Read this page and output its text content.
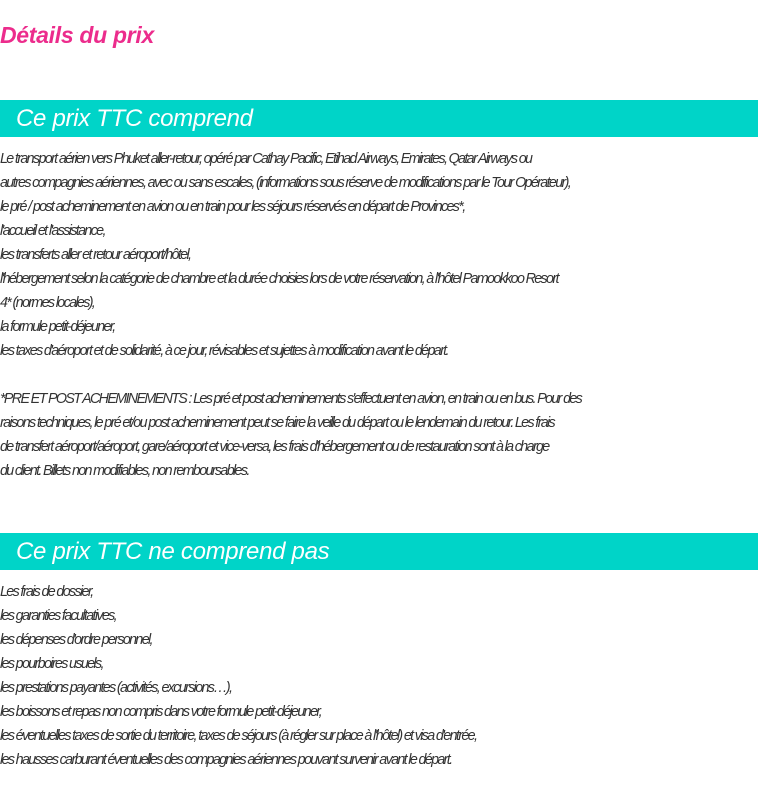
Détails du prix
Ce prix TTC comprend
Le transport aérien vers Phuket aller-retour, opéré par Cathay Pacific, Etihad Airways, Emirates, Qatar Airways ou
autres compagnies aériennes, avec ou sans escales, (informations sous réserve de modifications par le Tour Opérateur),
le pré / post acheminement en avion ou en train pour les séjours réservés en départ de Provinces*,
l'accueil et l'assistance,
les transferts aller et retour aéroport/hôtel,
l'hébergement selon la catégorie de chambre et la durée choisies lors de votre réservation, à l'hôtel Pamookkoo Resort
4* (normes locales),
la formule petit-déjeuner,
les taxes d'aéroport et de solidarité, à ce jour, révisables et sujettes à modification avant le départ.
*PRE ET POST ACHEMINEMENTS : Les pré et post acheminements s'effectuent en avion, en train ou en bus. Pour des
raisons techniques, le pré et/ou post acheminement peut se faire la veille du départ ou le lendemain du retour. Les frais
de transfert aéroport/aéroport, gare/aéroport et vice-versa, les frais d'hébergement ou de restauration sont à la charge
du client. Billets non modifiables, non remboursables.
Ce prix TTC ne comprend pas
Les frais de dossier,
les garanties facultatives,
les dépenses d'ordre personnel,
les pourboires usuels,
les prestations payantes (activités, excursions…),
les boissons et repas non compris dans votre formule petit-déjeuner,
les éventuelles taxes de sortie du territoire, taxes de séjours (à régler sur place à l'hôtel) et visa d'entrée,
les hausses carburant éventuelles des compagnies aériennes pouvant survenir avant le départ.
